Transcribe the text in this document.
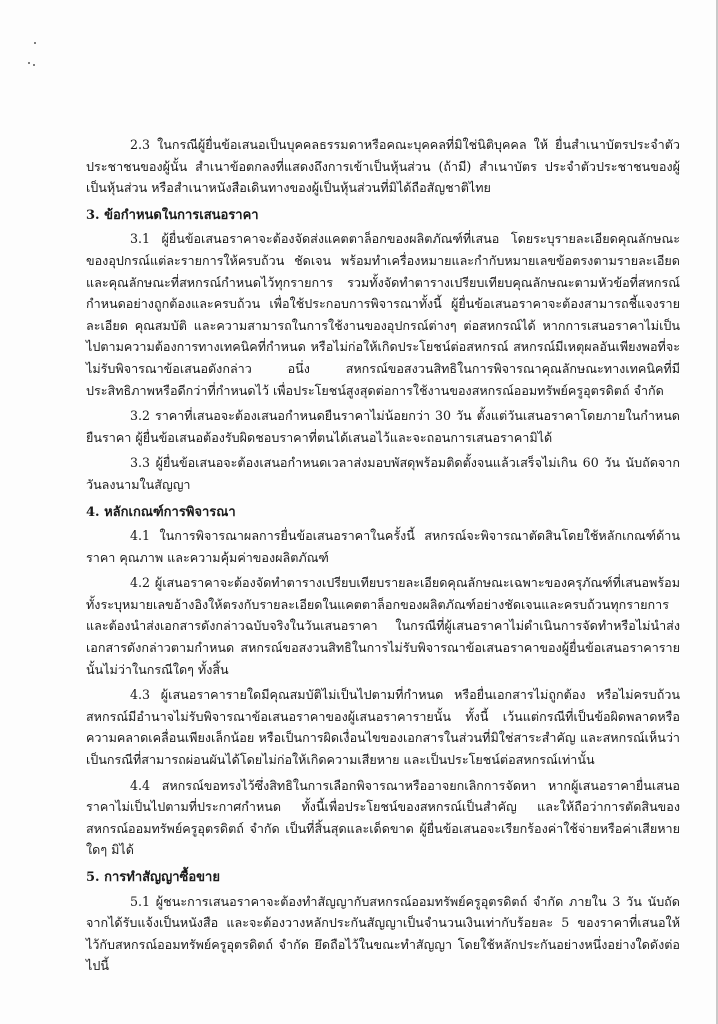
2.3 ในกรณีผู้ยื่นข้อเสนอเป็นบุคคลธรรมดาหรือคณะบุคคลที่มิใช่นิติบุคคล ให้ ยื่นสำเนาบัตรประจำตัวประชาชนของผู้นั้น สำเนาข้อตกลงที่แสดงถึงการเข้าเป็นหุ้นส่วน (ถ้ามี) สำเนาบัตร ประจำตัวประชาชนของผู้เป็นหุ้นส่วน หรือสำเนาหนังสือเดินทางของผู้เป็นหุ้นส่วนที่มิได้ถือสัญชาติไทย

3. ข้อกำหนดในการเสนอราคา

3.1 ผู้ยื่นข้อเสนอราคาจะต้องจัดส่งแคตตาล็อกของผลิตภัณฑ์ที่เสนอ โดยระบุรายละเอียดคุณลักษณะของอุปกรณ์แต่ละรายการให้ครบถ้วน ชัดเจน พร้อมทำเครื่องหมายและกำกับหมายเลขข้อตรงตามรายละเอียดและคุณลักษณะที่สหกรณ์กำหนดไว้ทุกรายการ รวมทั้งจัดทำตารางเปรียบเทียบคุณลักษณะตามหัวข้อที่สหกรณ์กำหนดอย่างถูกต้องและครบถ้วน เพื่อใช้ประกอบการพิจารณาทั้งนี้ ผู้ยื่นข้อเสนอราคาจะต้องสามารถชี้แจงรายละเอียด คุณสมบัติ และความสามารถในการใช้งานของอุปกรณ์ต่างๆ ต่อสหกรณ์ได้ หากการเสนอราคาไม่เป็นไปตามความต้องการทางเทคนิคที่กำหนด หรือไม่ก่อให้เกิดประโยชน์ต่อสหกรณ์ สหกรณ์มีเหตุผลอันเพียงพอที่จะไม่รับพิจารณาข้อเสนอดังกล่าว อนึ่ง สหกรณ์ขอสงวนสิทธิในการพิจารณาคุณลักษณะทางเทคนิคที่มีประสิทธิภาพหรือดีกว่าที่กำหนดไว้ เพื่อประโยชน์สูงสุดต่อการใช้งานของสหกรณ์ออมทรัพย์ครูอุตรดิตถ์ จำกัด

3.2 ราคาที่เสนอจะต้องเสนอกำหนดยืนราคาไม่น้อยกว่า 30 วัน ตั้งแต่วันเสนอราคาโดยภายในกำหนดยืนราคา ผู้ยื่นข้อเสนอต้องรับผิดชอบราคาที่ตนได้เสนอไว้และจะถอนการเสนอราคามิได้

3.3 ผู้ยื่นข้อเสนอจะต้องเสนอกำหนดเวลาส่งมอบพัสดุพร้อมติดตั้งจนแล้วเสร็จไม่เกิน 60 วัน นับถัดจากวันลงนามในสัญญา

4. หลักเกณฑ์การพิจารณา

4.1 ในการพิจารณาผลการยื่นข้อเสนอราคาในครั้งนี้ สหกรณ์จะพิจารณาตัดสินโดยใช้หลักเกณฑ์ด้านราคา คุณภาพ และความคุ้มค่าของผลิตภัณฑ์

4.2 ผู้เสนอราคาจะต้องจัดทำตารางเปรียบเทียบรายละเอียดคุณลักษณะเฉพาะของครุภัณฑ์ที่เสนอพร้อมทั้งระบุหมายเลขอ้างอิงให้ตรงกับรายละเอียดในแคตตาล็อกของผลิตภัณฑ์อย่างชัดเจนและครบถ้วนทุกรายการ และต้องนำส่งเอกสารดังกล่าวฉบับจริงในวันเสนอราคา ในกรณีที่ผู้เสนอราคาไม่ดำเนินการจัดทำหรือไม่นำส่งเอกสารดังกล่าวตามกำหนด สหกรณ์ขอสงวนสิทธิในการไม่รับพิจารณาข้อเสนอราคาของผู้ยื่นข้อเสนอราคารายนั้นไม่ว่าในกรณีใดๆ ทั้งสิ้น

4.3 ผู้เสนอราคารายใดมีคุณสมบัติไม่เป็นไปตามที่กำหนด หรือยื่นเอกสารไม่ถูกต้อง หรือไม่ครบถ้วน สหกรณ์มีอำนาจไม่รับพิจารณาข้อเสนอราคาของผู้เสนอราคารายนั้น ทั้งนี้ เว้นแต่กรณีที่เป็นข้อผิดพลาดหรือความคลาดเคลื่อนเพียงเล็กน้อย หรือเป็นการผิดเงื่อนไขของเอกสารในส่วนที่มิใช่สาระสำคัญ และสหกรณ์เห็นว่าเป็นกรณีที่สามารถผ่อนผันได้โดยไม่ก่อให้เกิดความเสียหาย และเป็นประโยชน์ต่อสหกรณ์เท่านั้น

4.4 สหกรณ์ขอทรงไว้ซึ่งสิทธิในการเลือกพิจารณาหรืออาจยกเลิกการจัดหา หากผู้เสนอราคายื่นเสนอราคาไม่เป็นไปตามที่ประกาศกำหนด ทั้งนี้เพื่อประโยชน์ของสหกรณ์เป็นสำคัญ และให้ถือว่าการตัดสินของสหกรณ์ออมทรัพย์ครูอุตรดิตถ์ จำกัด เป็นที่สิ้นสุดและเด็ดขาด ผู้ยื่นข้อเสนอจะเรียกร้องค่าใช้จ่ายหรือค่าเสียหายใดๆ มิได้

5. การทำสัญญาซื้อขาย

5.1 ผู้ชนะการเสนอราคาจะต้องทำสัญญากับสหกรณ์ออมทรัพย์ครูอุตรดิตถ์ จำกัด ภายใน 3 วัน นับถัดจากได้รับแจ้งเป็นหนังสือ และจะต้องวางหลักประกันสัญญาเป็นจำนวนเงินเท่ากับร้อยละ 5 ของราคาที่เสนอให้ไว้กับสหกรณ์ออมทรัพย์ครูอุตรดิตถ์ จำกัด ยึดถือไว้ในขณะทำสัญญา โดยใช้หลักประกันอย่างหนึ่งอย่างใดดังต่อไปนี้
